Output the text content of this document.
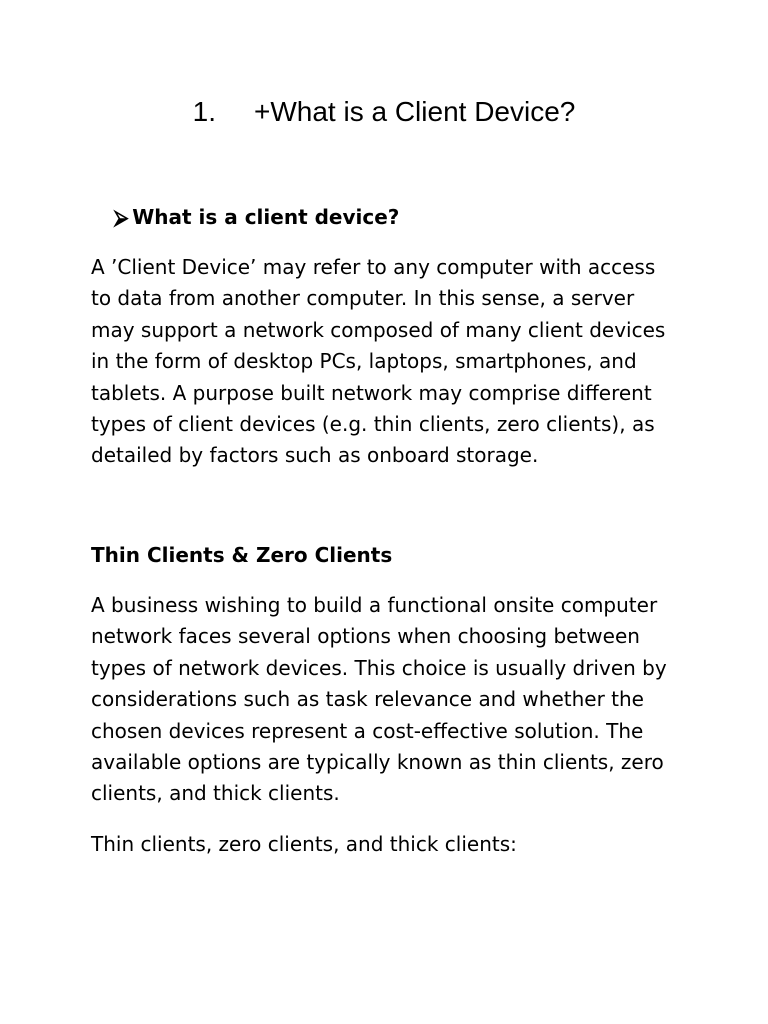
1. +What is a Client Device?
⮚ What is a client device?
A ’Client Device’ may refer to any computer with access
to data from another computer. In this sense, a server
may support a network composed of many client devices
in the form of desktop PCs, laptops, smartphones, and
tablets. A purpose built network may comprise different
types of client devices (e.g. thin clients, zero clients), as
detailed by factors such as onboard storage.
Thin Clients & Zero Clients
A business wishing to build a functional onsite computer
network faces several options when choosing between
types of network devices. This choice is usually driven by
considerations such as task relevance and whether the
chosen devices represent a cost-effective solution. The
available options are typically known as thin clients, zero
clients, and thick clients.
Thin clients, zero clients, and thick clients:
